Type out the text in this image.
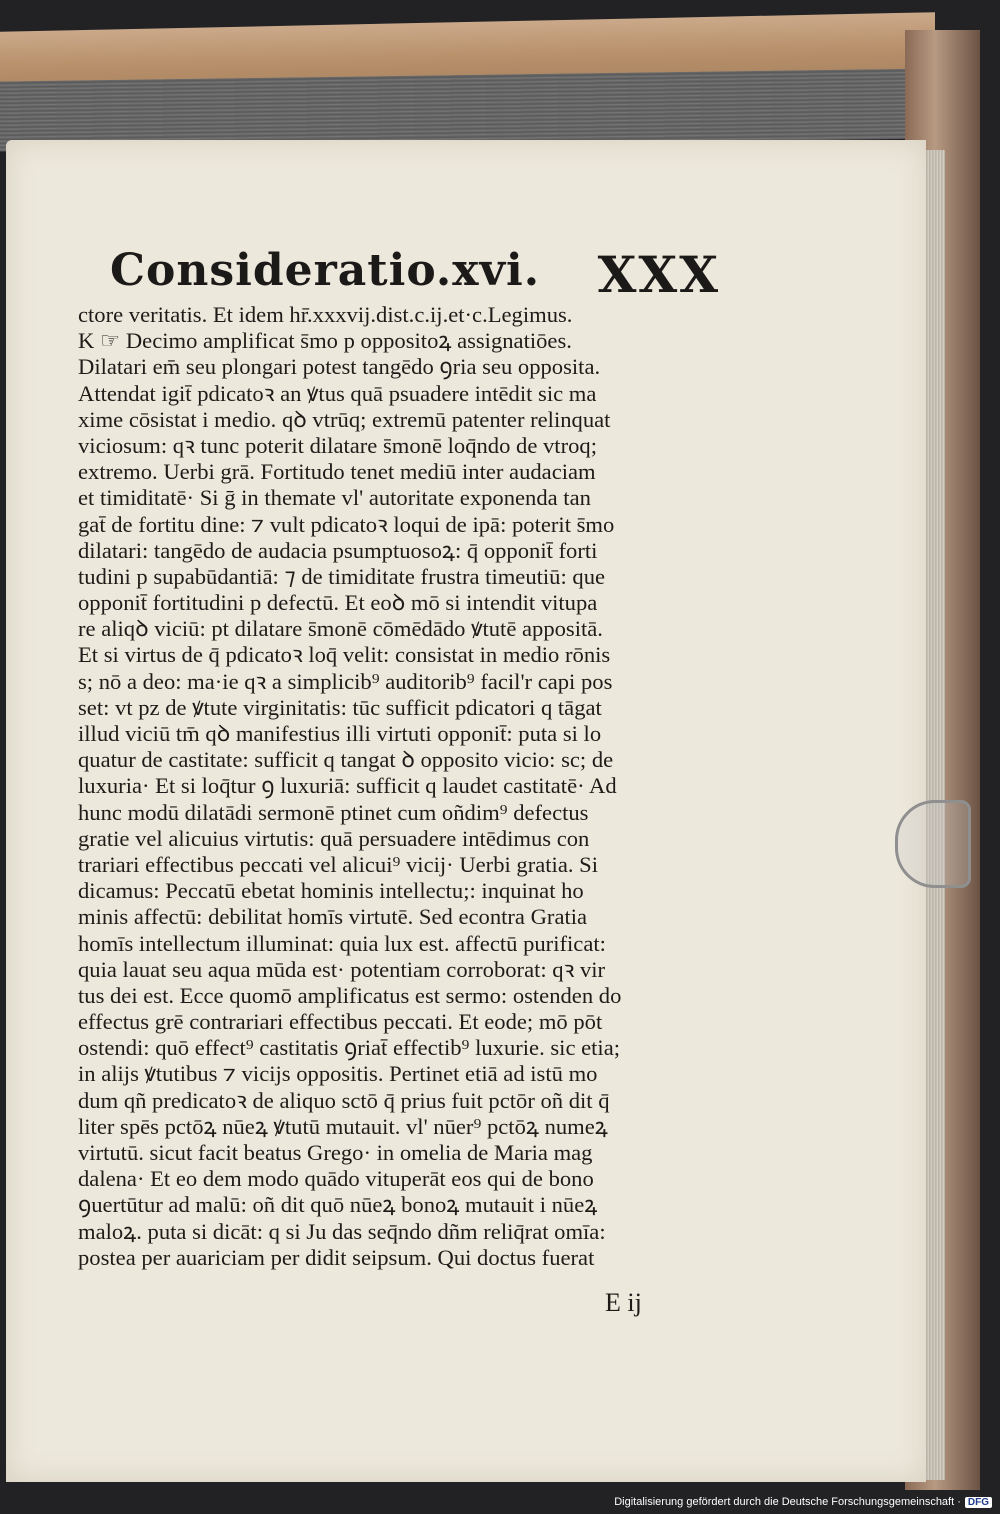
Consideratio.xvi. XXX
ctore veritatis. Et idem hr̄.xxxvij.dist.c.ij.et·c.Legimus.
K ☞ Decimo amplificat s̄mo p oppositoꝝ assignatiōes.
Dilatari em̄ seu plongari potest tangēdo ꝯria seu opposita.
Attendat igit̄ pdicatoꝛ an ꝟtus quā psuadere intēdit sic ma
xime cōsistat i medio. qꝺ vtrūq; extremū patenter relinquat
viciosum: qꝛ tunc poterit dilatare s̄monē loq̄ndo de vtroq;
extremo. Uerbi grā. Fortitudo tenet mediū inter audaciam
et timiditatē· Si ḡ in themate vl' autoritate exponenda tan
gat̄ de fortitu dine: ⁊ vult pdicatoꝛ loqui de ipā: poterit s̄mo
dilatari: tangēdo de audacia psumptuosoꝝ: q̄ opponit̄ forti
tudini p supabūdantiā: ⁊ de timiditate frustra timeutiū: que
opponit̄ fortitudini p defectū. Et eoꝺ mō si intendit vitupa
re aliqꝺ viciū: pt dilatare s̄monē cōmēdādo ꝟtutē appositā.
Et si virtus de q̄ pdicatoꝛ loq̄ velit: consistat in medio rōnis
s; nō a deo: ma·ie qꝛ a simplicib⁹ auditorib⁹ facil'r capi pos
set: vt pz de ꝟtute virginitatis: tūc sufficit pdicatori q tāgat
illud viciū tm̄ qꝺ manifestius illi virtuti opponit̄: puta si lo
quatur de castitate: sufficit q tangat ꝺ opposito vicio: sc; de
luxuria· Et si loq̄tur ꝯ luxuriā: sufficit q laudet castitatē· Ad
hunc modū dilatādi sermonē ptinet cum oñdim⁹ defectus
gratie vel alicuius virtutis: quā persuadere intēdimus con
trariari effectibus peccati vel alicui⁹ vicij· Uerbi gratia. Si
dicamus: Peccatū ebetat hominis intellectu;: inquinat ho
minis affectū: debilitat homīs virtutē. Sed econtra Gratia
homīs intellectum illuminat: quia lux est. affectū purificat:
quia lauat seu aqua mūda est· potentiam corroborat: qꝛ vir
tus dei est. Ecce quomō amplificatus est sermo: ostenden do
effectus grē contrariari effectibus peccati. Et eode; mō pōt
ostendi: quō effect⁹ castitatis ꝯriat̄ effectib⁹ luxurie. sic etia;
in alijs ꝟtutibus ⁊ vicijs oppositis. Pertinet etiā ad istū mo
dum qñ predicatoꝛ de aliquo sctō q̄ prius fuit pctōr oñ dit q̄
liter spēs pctōꝝ nūeꝝ ꝟtutū mutauit. vl' nūer⁹ pctōꝝ numeꝝ
virtutū. sicut facit beatus Grego· in omelia de Maria mag
dalena· Et eo dem modo quādo vituperāt eos qui de bono
ꝯuertūtur ad malū: oñ dit quō nūeꝝ bonoꝝ mutauit i nūeꝝ
maloꝝ. puta si dicāt: q si Ju das seq̄ndo dñm reliq̄rat omīa:
postea per auariciam per didit seipsum. Qui doctus fuerat
E ij
Digitalisierung gefördert durch die Deutsche Forschungsgemeinschaft · DFG
